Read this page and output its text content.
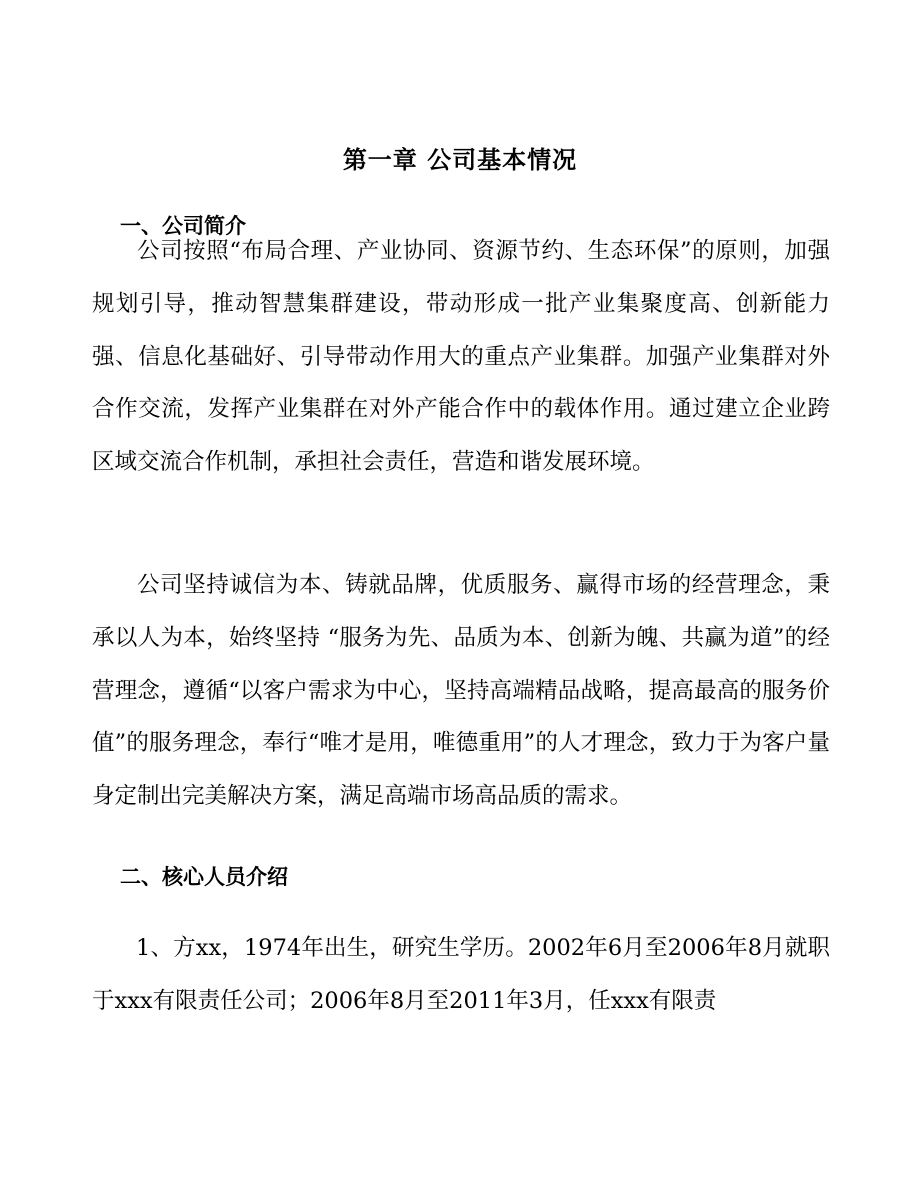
第一章 公司基本情况
一、公司简介

公司按照“布局合理、产业协同、资源节约、生态环保”的原则，加强规划引导，推动智慧集群建设，带动形成一批产业集聚度高、创新能力强、信息化基础好、引导带动作用大的重点产业集群。加强产业集群对外合作交流，发挥产业集群在对外产能合作中的载体作用。通过建立企业跨区域交流合作机制，承担社会责任，营造和谐发展环境。

公司坚持诚信为本、铸就品牌，优质服务、赢得市场的经营理念，秉承以人为本，始终坚持 “服务为先、品质为本、创新为魄、共赢为道”的经营理念，遵循“以客户需求为中心，坚持高端精品战略，提高最高的服务价值”的服务理念，奉行“唯才是用，唯德重用”的人才理念，致力于为客户量身定制出完美解决方案，满足高端市场高品质的需求。

二、核心人员介绍

1、方xx，1974年出生，研究生学历。2002年6月至2006年8月就职于xxx有限责任公司；2006年8月至2011年3月，任xxx有限责
